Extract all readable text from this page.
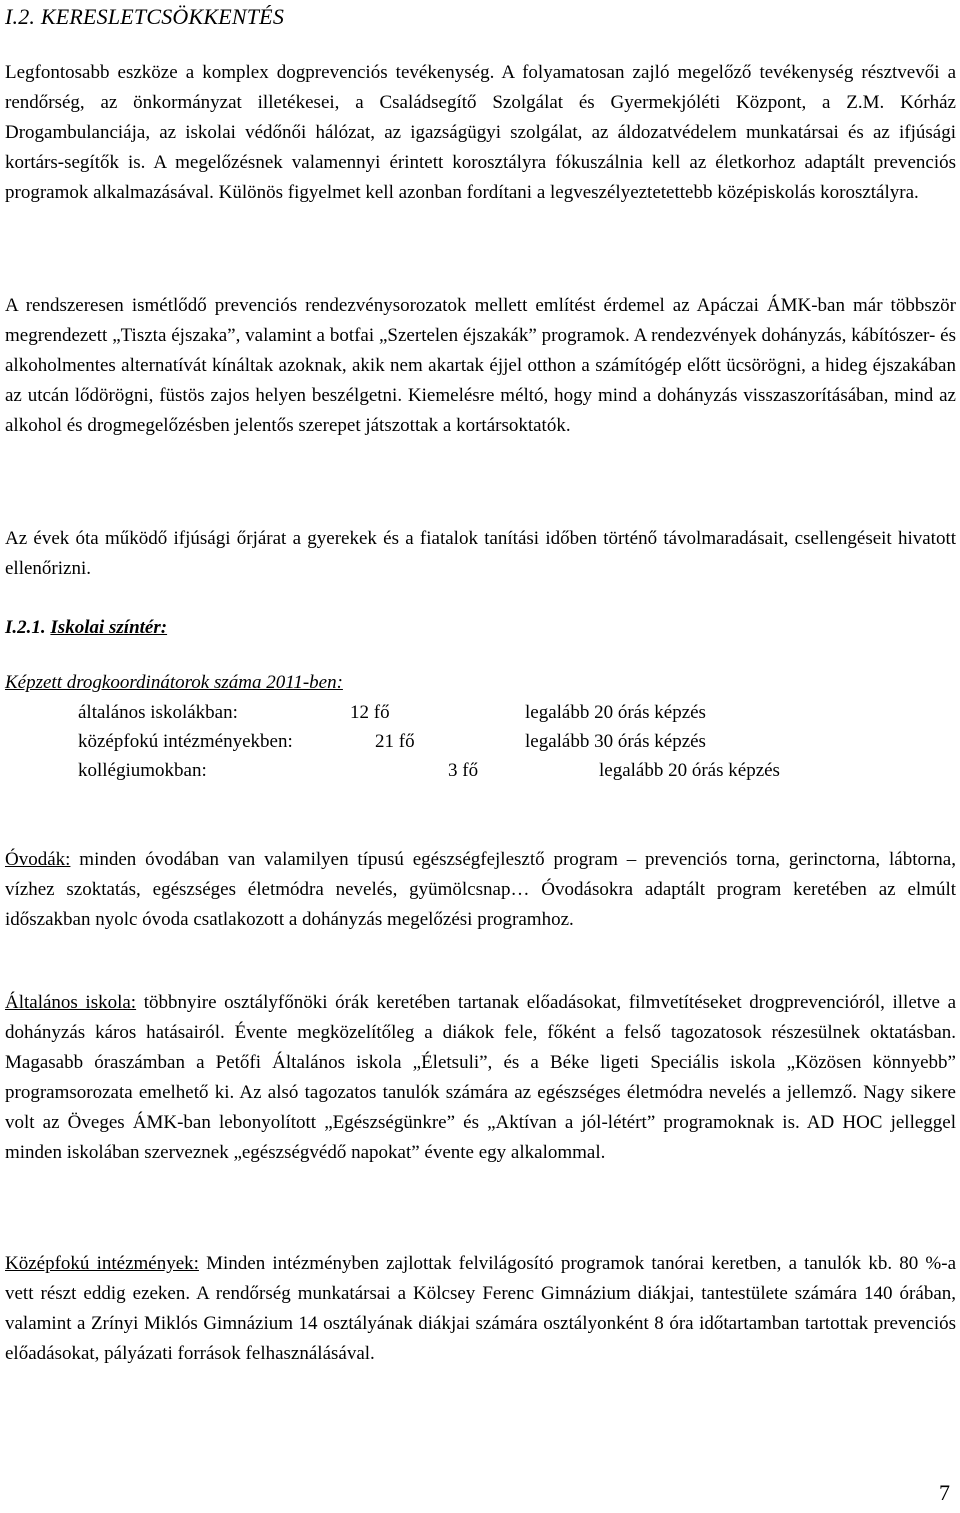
I.2. KERESLETCSÖKKENTÉS

Legfontosabb eszköze a komplex dogprevenciós tevékenység. A folyamatosan zajló megelőző tevékenység résztvevői a rendőrség, az önkormányzat illetékesei, a Családsegítő Szolgálat és Gyermekjóléti Központ, a Z.M. Kórház Drogambulanciája, az iskolai védőnői hálózat, az igazságügyi szolgálat, az áldozatvédelem munkatársai és az ifjúsági kortárs-segítők is. A megelőzésnek valamennyi érintett korosztályra fókuszálnia kell az életkorhoz adaptált prevenciós programok alkalmazásával. Különös figyelmet kell azonban fordítani a legveszélyeztetettebb középiskolás korosztályra.

A rendszeresen ismétlődő prevenciós rendezvénysorozatok mellett említést érdemel az Apáczai ÁMK-ban már többször megrendezett „Tiszta éjszaka”, valamint a botfai „Szertelen éjszakák” programok. A rendezvények dohányzás, kábítószer- és alkoholmentes alternatívát kínáltak azoknak, akik nem akartak éjjel otthon a számítógép előtt ücsörögni, a hideg éjszakában az utcán lődörögni, füstös zajos helyen beszélgetni. Kiemelésre méltó, hogy mind a dohányzás visszaszorításában, mind az alkohol és drogmegelőzésben jelentős szerepet játszottak a kortársoktatók.

Az évek óta működő ifjúsági őrjárat a gyerekek és a fiatalok tanítási időben történő távolmaradásait, csellengéseit hivatott ellenőrizni.

I.2.1. Iskolai színtér:
Képzett drogkoordinátorok száma 2011-ben:
általános iskolákban:	12 fő	legalább 20 órás képzés
középfokú intézményekben:	21 fő	legalább 30 órás képzés
kollégiumokban:	3 fő	legalább 20 órás képzés

Óvodák: minden óvodában van valamilyen típusú egészségfejlesztő program – prevenciós torna, gerinctorna, lábtorna, vízhez szoktatás, egészséges életmódra nevelés, gyümölcsnap… Óvodásokra adaptált program keretében az elmúlt időszakban nyolc óvoda csatlakozott a dohányzás megelőzési programhoz.

Általános iskola: többnyire osztályfőnöki órák keretében tartanak előadásokat, filmvetítéseket drogprevencióról, illetve a dohányzás káros hatásairól. Évente megközelítőleg a diákok fele, főként a felső tagozatosok részesülnek oktatásban. Magasabb óraszámban a Petőfi Általános iskola „Életsuli”, és a Béke ligeti Speciális iskola „Közösen könnyebb” programsorozata emelhető ki. Az alsó tagozatos tanulók számára az egészséges életmódra nevelés a jellemző. Nagy sikere volt az Öveges ÁMK-ban lebonyolított „Egészségünkre” és „Aktívan a jól-létért” programoknak is. AD HOC jelleggel minden iskolában szerveznek „egészségvédő napokat” évente egy alkalommal.

Középfokú intézmények: Minden intézményben zajlottak felvilágosító programok tanórai keretben, a tanulók kb. 80 %-a vett részt eddig ezeken. A rendőrség munkatársai a Kölcsey Ferenc Gimnázium diákjai, tantestülete számára 140 órában, valamint a Zrínyi Miklós Gimnázium 14 osztályának diákjai számára osztályonként 8 óra időtartamban tartottak prevenciós előadásokat, pályázati források felhasználásával.

7
